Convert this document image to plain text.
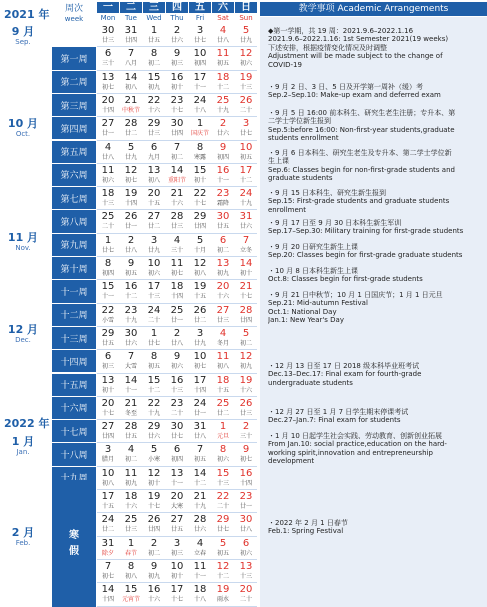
2021 年
9 月
Sep.
10 月
Oct.
11 月
Nov.
12 月
Dec.
2022 年
1 月
Jan.
2 月
Feb.
周次
week
一
Mon
二
Tue
三
Wed
四
Thu
五
Fri
六
Sat
日
Sun
第一周
第二周
第三周
第四周
第五周
第六周
第七周
第八周
第九周
第十周
十一周
十二周
十三周
十四周
十五周
十六周
十七周
十八周
寒
假
30
廿三
31
廿四
1
廿五
2
廿六
3
廿七
4
廿八
5
廿九
6
三十
7
八月
8
初二
9
初三
10
初四
11
初五
12
初六
13
初七
14
初八
15
初九
16
初十
17
十一
18
十二
19
十三
20
十四
21
中秋节
22
十六
23
十七
24
十八
25
十九
26
二十
27
廿一
28
廿二
29
廿三
30
廿四
1
国庆节
2
廿六
3
廿七
4
廿八
5
廿九
6
九月
7
初二
8
寒露
9
初四
10
初五
11
初六
12
初七
13
初八
14
重阳节
15
初十
16
十一
17
十二
18
十三
19
十四
20
十五
21
十六
22
十七
23
霜降
24
十九
25
二十
26
廿一
27
廿二
28
廿三
29
廿四
30
廿五
31
廿六
1
廿七
2
廿八
3
廿九
4
三十
5
十月
6
初二
7
立冬
8
初四
9
初五
10
初六
11
初七
12
初八
13
初九
14
初十
15
十一
16
十二
17
十三
18
十四
19
十五
20
十六
21
十七
22
小雪
23
十九
24
二十
25
廿一
26
廿二
27
廿三
28
廿四
29
廿五
30
廿六
1
廿七
2
廿八
3
廿九
4
冬月
5
初二
6
初三
7
大雪
8
初五
9
初六
10
初七
11
初八
12
初九
13
初十
14
十一
15
十二
16
十三
17
十四
18
十五
19
十六
20
十七
21
冬至
22
十九
23
二十
24
廿一
25
廿二
26
廿三
27
廿四
28
廿五
29
廿六
30
廿七
31
廿八
1
元旦
2
三十
3
腊月
4
初二
5
小寒
6
初四
7
初五
8
初六
9
初七
10
初八
11
初九
12
初十
13
十一
14
十二
15
十三
16
十四
17
十五
18
十六
19
十七
20
大寒
21
十九
22
二十
23
廿一
24
廿二
25
廿三
26
廿四
27
廿五
28
廿六
29
廿七
30
廿八
31
除夕
1
春节
2
初二
3
初三
4
立春
5
初五
6
初六
7
初七
8
初八
9
初九
10
初十
11
十一
12
十二
13
十三
14
十四
15
元宵节
16
十六
17
十七
18
十八
19
雨水
20
二十
教学事项 Academic Arrangements
◆第一学期，共 19 周：2021.9.6–2022.1.16
2021.9.6–2022.1.16: 1st Semester 2021(19 weeks)
下述安排，根据疫情变化情况及时调整
Adjustment will be made subject to the change of
COVID-19
・9 月 2 日、3 日、5 日及开学第一周补（缓）考
Sep.2–Sep.10: Make-up exam and deferred exam
・9 月 5 日 16:00 前本科生、研究生老生注册；专升本、第
二学士学位新生报到
Sep.5:before 16:00: Non-first-year students,graduate
students enrollment
・9 月 6 日本科生、研究生老生及专升本、第二学士学位新
生上课
Sep.6: Classes begin for non-first-grade students and
graduate students
・9 月 15 日本科生、研究生新生报到
Sep.15: First-grade students and graduate students
enrollment
・9 月 17 日至 9 月 30 日本科生新生军训
Sep.17–Sep.30: Military training for first-grade students
・9 月 20 日研究生新生上课
Sep.20: Classes begin for first-grade graduate students
・10 月 8 日本科生新生上课
Oct.8: Classes begin for first-grade students
・9 月 21 日中秋节；10 月 1 日国庆节；1 月 1 日元旦
Sep.21: Mid-autumn Festival
Oct.1: National Day
Jan.1: New Year's Day
・12 月 13 日至 17 日 2018 级本科毕业班考试
Dec.13–Dec.17: Final exam for fourth-grade
undergraduate students
・12 月 27 日至 1 月 7 日学生期末停课考试
Dec.27–Jan.7: Final exam for students
・1 月 10 日起学生社会实践、劳动教育、创新创业拓展
From Jan.10: social practice,education on the hard-
working spirit,innovation and entrepreneurship
development
・2022 年 2 月 1 日春节
Feb.1: Spring Festival
